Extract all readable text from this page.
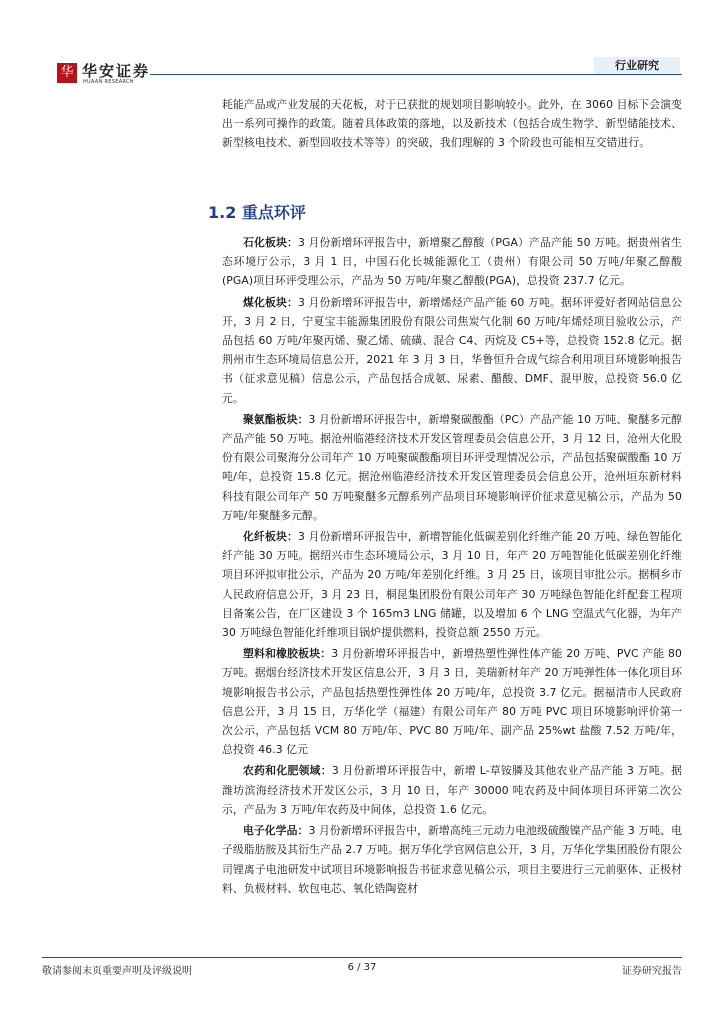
华 华安证券
HUAAN RESEARCH
行业研究

耗能产品或产业发展的天花板，对于已获批的规划项目影响较小。此外，在 3060 目标下会演变出一系列可操作的政策。随着具体政策的落地，以及新技术（包括合成生物学、新型储能技术、新型核电技术、新型回收技术等等）的突破，我们理解的 3 个阶段也可能相互交错进行。

1.2 重点环评

石化板块：3 月份新增环评报告中，新增聚乙醇酸（PGA）产品产能 50 万吨。据贵州省生态环境厅公示，3 月 1 日，中国石化长城能源化工（贵州）有限公司 50 万吨/年聚乙醇酸(PGA)项目环评受理公示，产品为 50 万吨/年聚乙醇酸(PGA)，总投资 237.7 亿元。

煤化板块：3 月份新增环评报告中，新增烯烃产品产能 60 万吨。据环评爱好者网站信息公开，3 月 2 日，宁夏宝丰能源集团股份有限公司焦炭气化制 60 万吨/年烯烃项目验收公示，产品包括 60 万吨/年聚丙烯、聚乙烯、硫磺、混合 C4、丙烷及 C5+等，总投资 152.8 亿元。据荆州市生态环境局信息公开，2021 年 3 月 3 日，华鲁恒升合成气综合利用项目环境影响报告书（征求意见稿）信息公示，产品包括合成氨、尿素、醋酸、DMF、混甲胺，总投资 56.0 亿元。

聚氨酯板块：3 月份新增环评报告中，新增聚碳酸酯（PC）产品产能 10 万吨、聚醚多元醇产品产能 50 万吨。据沧州临港经济技术开发区管理委员会信息公开，3 月 12 日，沧州大化股份有限公司聚海分公司年产 10 万吨聚碳酸酯项目环评受理情况公示，产品包括聚碳酸酯 10 万吨/年，总投资 15.8 亿元。据沧州临港经济技术开发区管理委员会信息公开，沧州垣东新材料科技有限公司年产 50 万吨聚醚多元醇系列产品项目环境影响评价征求意见稿公示，产品为 50 万吨/年聚醚多元醇。

化纤板块：3 月份新增环评报告中，新增智能化低碳差别化纤维产能 20 万吨、绿色智能化纤产能 30 万吨。据绍兴市生态环境局公示，3 月 10 日，年产 20 万吨智能化低碳差别化纤维项目环评拟审批公示，产品为 20 万吨/年差别化纤维。3 月 25 日，该项目审批公示。据桐乡市人民政府信息公开，3 月 23 日，桐昆集团股份有限公司年产 30 万吨绿色智能化纤配套工程项目备案公告，在厂区建设 3 个 165m3 LNG 储罐，以及增加 6 个 LNG 空温式气化器，为年产 30 万吨绿色智能化纤维项目锅炉提供燃料，投资总额 2550 万元。

塑料和橡胶板块：3 月份新增环评报告中，新增热塑性弹性体产能 20 万吨、PVC 产能 80 万吨。据烟台经济技术开发区信息公开，3 月 3 日，美瑞新材年产 20 万吨弹性体一体化项目环境影响报告书公示，产品包括热塑性弹性体 20 万吨/年，总投资 3.7 亿元。据福清市人民政府信息公开，3 月 15 日，万华化学（福建）有限公司年产 80 万吨 PVC 项目环境影响评价第一次公示，产品包括 VCM 80 万吨/年、PVC 80 万吨/年、副产品 25%wt 盐酸 7.52 万吨/年，总投资 46.3 亿元

农药和化肥领域：3 月份新增环评报告中，新增 L-草铵膦及其他农业产品产能 3 万吨。据潍坊滨海经济技术开发区公示，3 月 10 日，年产 30000 吨农药及中间体项目环评第二次公示，产品为 3 万吨/年农药及中间体，总投资 1.6 亿元。

电子化学品：3 月份新增环评报告中，新增高纯三元动力电池级硫酸镍产品产能 3 万吨、电子级脂肪胺及其衍生产品 2.7 万吨。据万华化学官网信息公开，3 月，万华化学集团股份有限公司锂离子电池研发中试项目环境影响报告书征求意见稿公示，项目主要进行三元前驱体、正极材料、负极材料、软包电芯、氧化锆陶瓷材

敬请参阅末页重要声明及评级说明	6 / 37	证券研究报告
